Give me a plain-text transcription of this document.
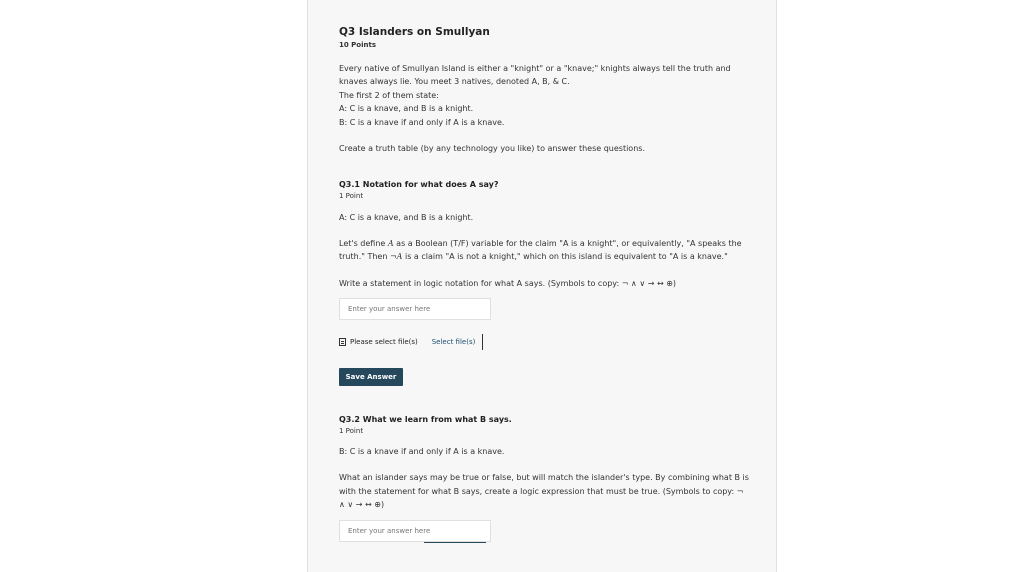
Q3 Islanders on Smullyan

10 Points

Every native of Smullyan Island is either a "knight" or a "knave;" knights always tell the truth and knaves always lie. You meet 3 natives, denoted A, B, & C.

The first 2 of them state:

A: C is a knave, and B is a knight.

B: C is a knave if and only if A is a knave.

Create a truth table (by any technology you like) to answer these questions.

Q3.1 Notation for what does A say?

1 Point

A: C is a knave, and B is a knight.

Let's define A as a Boolean (T/F) variable for the claim "A is a knight", or equivalently, "A speaks the truth." Then ¬A is a claim "A is not a knight," which on this island is equivalent to "A is a knave."

Write a statement in logic notation for what A says. (Symbols to copy: ¬ ∧ ∨ → ↔ ⊕)

Enter your answer here
Please select file(s) Select file(s)
Save Answer
Q3.2 What we learn from what B says.

1 Point

B: C is a knave if and only if A is a knave.

What an islander says may be true or false, but will match the islander's type. By combining what B is with the statement for what B says, create a logic expression that must be true. (Symbols to copy: ¬ ∧ ∨ → ↔ ⊕)

Enter your answer here
